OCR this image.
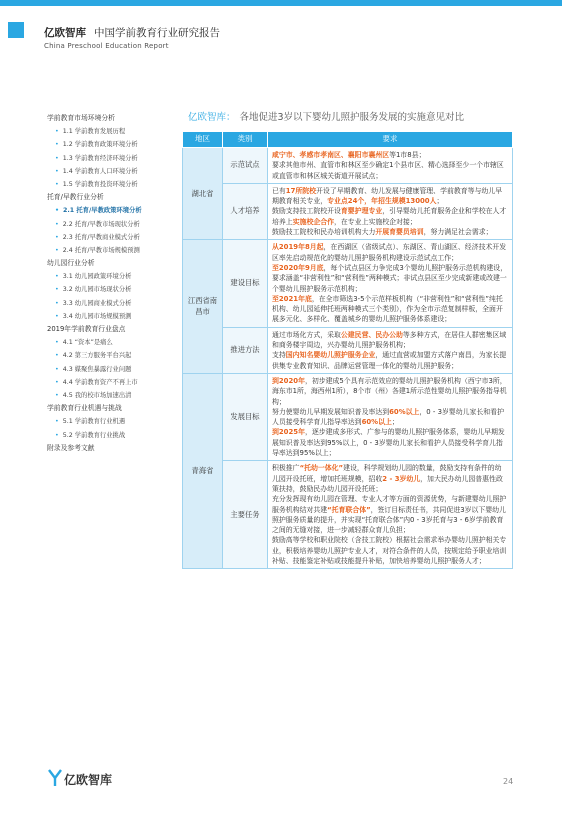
亿欧智库 中国学前教育行业研究报告
China Preschool Education Report
学前教育市场环境分析
• 1.1 学前教育发展历程
• 1.2 学前教育政策环境分析
• 1.3 学前教育经济环境分析
• 1.4 学前教育人口环境分析
• 1.5 学前教育投资环境分析
托育/早教行业分析
• 2.1 托育/早教政策环境分析
• 2.2 托育/早教市场现状分析
• 2.3 托育/早教商业模式分析
• 2.4 托育/早教市场规模预测
幼儿园行业分析
• 3.1 幼儿园政策环境分析
• 3.2 幼儿园市场现状分析
• 3.3 幼儿园商业模式分析
• 3.4 幼儿园市场规模预测
2019年学前教育行业盘点
• 4.1 “资本”是痛么
• 4.2 第三方服务平台兴起
• 4.3 媒聚焦暴露行业问题
• 4.4 学前教育资产不再上市
• 4.5 我的校市场加速出清
学前教育行业机遇与挑战
• 5.1 学前教育行业机遇
• 5.2 学前教育行业挑战
附录及参考文献
亿欧智库： 各地促进3岁以下婴幼儿照护服务发展的实施意见对比
地区	类别	要求
湖北省	示范试点	咸宁市、孝感市孝南区、襄阳市襄州区等1市8县；
要求其他市州、直管市和林区至少确定1个县市区、精心选择至少一个市辖区或直管市和林区城关街道开展试点；
	人才培养	已有17所院校开设了早期教育、幼儿发展与健康管理、学前教育等与幼儿早期教育相关专业，专业点24个，年招生规模13000人；
鼓励支持技工院校开设育婴护理专业，引导婴幼儿托育服务企业和学校在人才培养上实施校企合作，在专业上实施校企对接；
鼓励技工院校和民办培训机构大力开展育婴员培训，努力满足社会需求；
江西省南昌市	建设目标	从2019年8月起，在西湖区（省级试点）、东湖区、青山湖区、经济技术开发区率先启动规范化的婴幼儿照护服务机构建设示范试点工作；
至2020年9月底，每个试点县区力争完成3个婴幼儿照护服务示范机构建设，要求涵盖“非营利性”和“营利性”两种模式；非试点县区至少完成新建或改建一个婴幼儿照护服务示范机构；
至2021年底，在全市筛选3-5个示范样板机构（“非营利性”和“营利性”纯托机构、幼儿园延伸托班两种模式三个类别），作为全市示范复制样板，全面开展多元化、多样化、覆盖城乡的婴幼儿照护服务体系建设；
	推进方法	通过市场化方式，采取公建民营、民办公助等多种方式，在居住人群密集区域和商务楼宇周边，兴办婴幼儿照护服务机构；
支持国内知名婴幼儿照护服务企业，通过直营或加盟方式落户南昌，为家长提供集专业教育知识、品牌运营管理一体化的婴幼儿照护服务；
青海省	发展目标	到2020年，初步建成5个具有示范效应的婴幼儿照护服务机构（西宁市3所，海东市1所，海西州1所），8个市（州）各建1所示范性婴幼儿照护服务指导机构；
努力使婴幼儿早期发展知识普及率达到60%以上，0 - 3岁婴幼儿家长和看护人员接受科学育儿指导率达到60%以上；
到2025年，逐步建成多形式、广参与的婴幼儿照护服务体系，婴幼儿早期发展知识普及率达到95%以上，0 - 3岁婴幼儿家长和看护人员接受科学育儿指导率达到95%以上；
	主要任务	积极推广“托幼一体化”建设，科学规划幼儿园的数量，鼓励支持有条件的幼儿园开设托班，增加托班规模，招收2 - 3岁幼儿，加大民办幼儿园普惠性政策扶持，鼓励民办幼儿园开设托班；
充分发挥现有幼儿园在管理、专业人才等方面的资源优势，与新建婴幼儿照护服务机构结对共建“托育联合体”，签订目标责任书，共同促进3岁以下婴幼儿照护服务质量的提升，并实现“托育联合体”内0 - 3岁托育与3 - 6岁学前教育之间的无缝对接，进一步减轻群众育儿负担；
鼓励高等学校和职业院校（含技工院校）根据社会需求举办婴幼儿照护相关专业，积极培养婴幼儿照护专业人才，对符合条件的人员，按规定给予职业培训补贴、技能鉴定补贴或技能提升补贴，加快培养婴幼儿照护服务人才；
亿欧智库	24
